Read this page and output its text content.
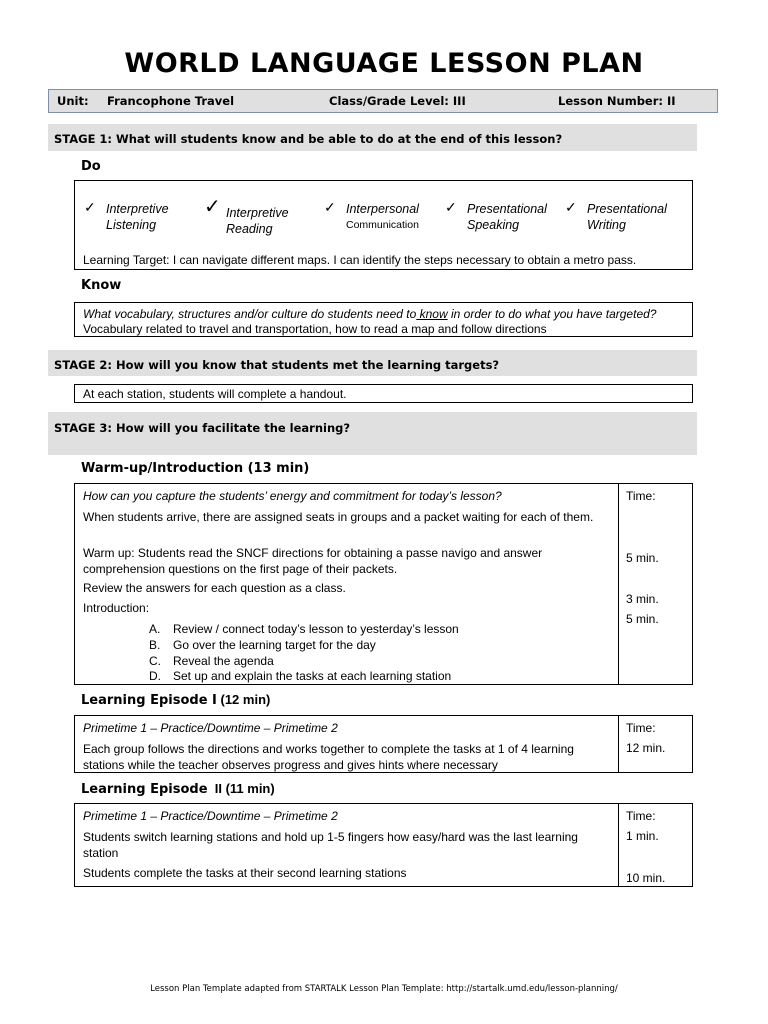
WORLD LANGUAGE LESSON PLAN
Unit: Francophone Travel	Class/Grade Level: III	Lesson Number: II
STAGE 1: What will students know and be able to do at the end of this lesson?
Do
✓ Interpretive
Listening
✓ Interpretive
Reading
✓ Interpersonal
Communication
✓ Presentational
Speaking
✓ Presentational
Writing
Learning Target: I can navigate different maps. I can identify the steps necessary to obtain a metro pass.
Know
What vocabulary, structures and/or culture do students need to know in order to do what you have targeted?
Vocabulary related to travel and transportation, how to read a map and follow directions
STAGE 2: How will you know that students met the learning targets?
At each station, students will complete a handout.
STAGE 3: How will you facilitate the learning?
Warm-up/Introduction (13 min)
How can you capture the students’ energy and commitment for today’s lesson?
When students arrive, there are assigned seats in groups and a packet waiting for each of them.
Warm up: Students read the SNCF directions for obtaining a passe navigo and answer comprehension questions on the first page of their packets.
Review the answers for each question as a class.
Introduction:
A. Review / connect today’s lesson to yesterday’s lesson
B. Go over the learning target for the day
C. Reveal the agenda
D. Set up and explain the tasks at each learning station
Time:
5 min.
3 min.
5 min.
Learning Episode I (12 min)
Primetime 1 – Practice/Downtime – Primetime 2
Each group follows the directions and works together to complete the tasks at 1 of 4 learning stations while the teacher observes progress and gives hints where necessary
Time:
12 min.
Learning Episode  II (11 min)
Primetime 1 – Practice/Downtime – Primetime 2
Students switch learning stations and hold up 1-5 fingers how easy/hard was the last learning station
Students complete the tasks at their second learning stations
Time:
1 min.
10 min.
Lesson Plan Template adapted from STARTALK Lesson Plan Template: http://startalk.umd.edu/lesson-planning/
